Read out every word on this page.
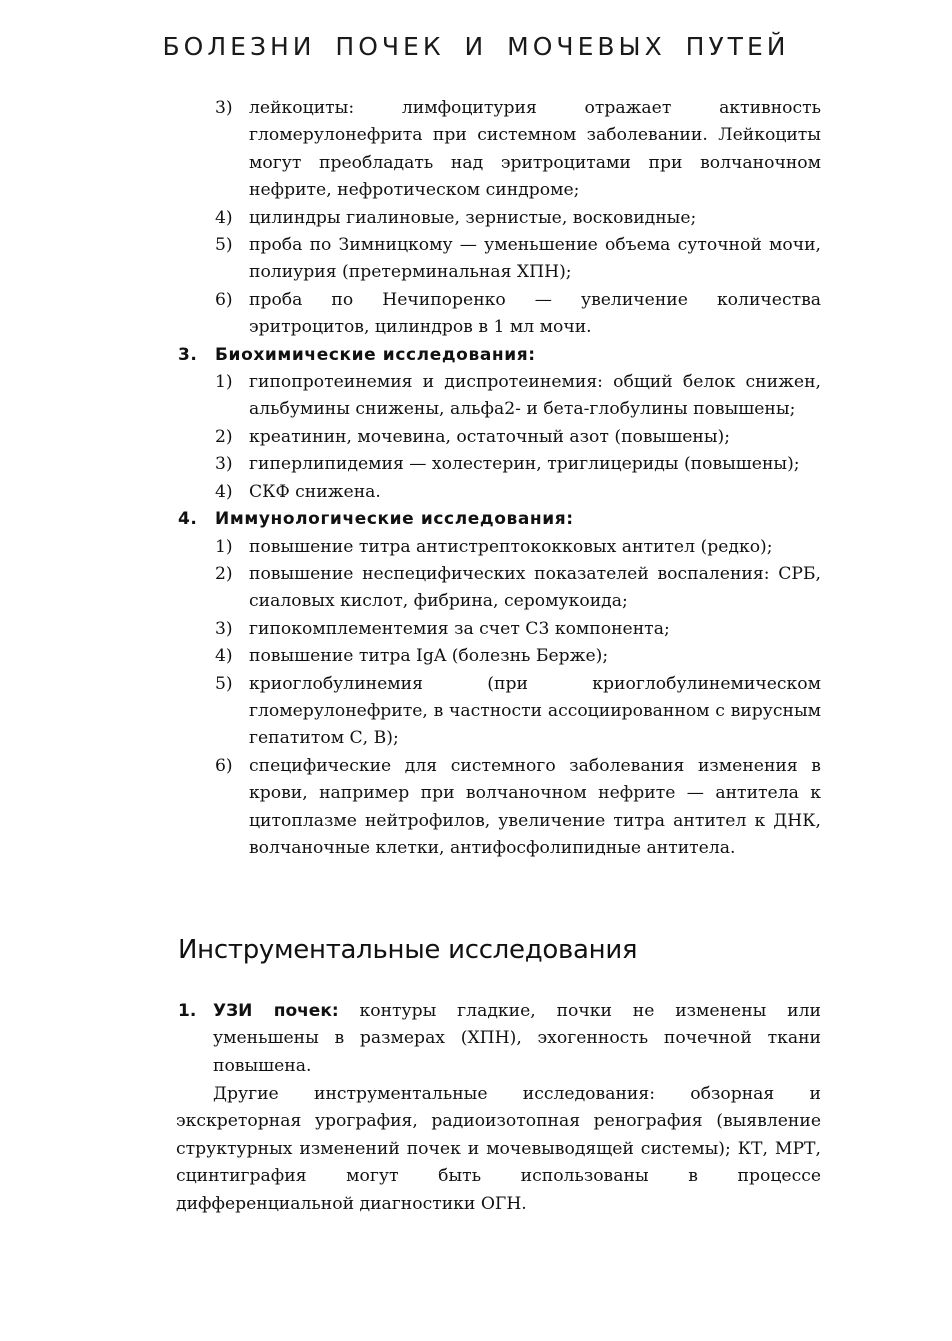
БОЛЕЗНИ ПОЧЕК И МОЧЕВЫХ ПУТЕЙ
3) лейкоциты: лимфоцитурия отражает активность гломерулонефрита при системном заболевании. Лейкоциты могут преобладать над эритроцитами при волчаночном нефрите, нефротическом синдроме;
4) цилиндры гиалиновые, зернистые, восковидные;
5) проба по Зимницкому — уменьшение объема суточной мочи, полиурия (претерминальная ХПН);
6) проба по Нечипоренко — увеличение количества эритроцитов, цилиндров в 1 мл мочи.
3. Биохимические исследования:
1) гипопротеинемия и диспротеинемия: общий белок снижен, альбумины снижены, альфа2- и бета-глобулины повышены;
2) креатинин, мочевина, остаточный азот (повышены);
3) гиперлипидемия — холестерин, триглицериды (повышены);
4) СКФ снижена.
4. Иммунологические исследования:
1) повышение титра антистрептококковых антител (редко);
2) повышение неспецифических показателей воспаления: СРБ, сиаловых кислот, фибрина, серомукоида;
3) гипокомплементемия за счет С3 компонента;
4) повышение титра IgA (болезнь Берже);
5) криоглобулинемия (при криоглобулинемическом гломерулонефрите, в частности ассоциированном с вирусным гепатитом С, В);
6) специфические для системного заболевания изменения в крови, например при волчаночном нефрите — антитела к цитоплазме нейтрофилов, увеличение титра антител к ДНК, волчаночные клетки, антифосфолипидные антитела.
Инструментальные исследования
1. УЗИ почек: контуры гладкие, почки не изменены или уменьшены в размерах (ХПН), эхогенность почечной ткани повышена.

Другие инструментальные исследования: обзорная и экскреторная урография, радиоизотопная ренография (выявление структурных изменений почек и мочевыводящей системы); КТ, МРТ, сцинтиграфия могут быть использованы в процессе дифференциальной диагностики ОГН.
